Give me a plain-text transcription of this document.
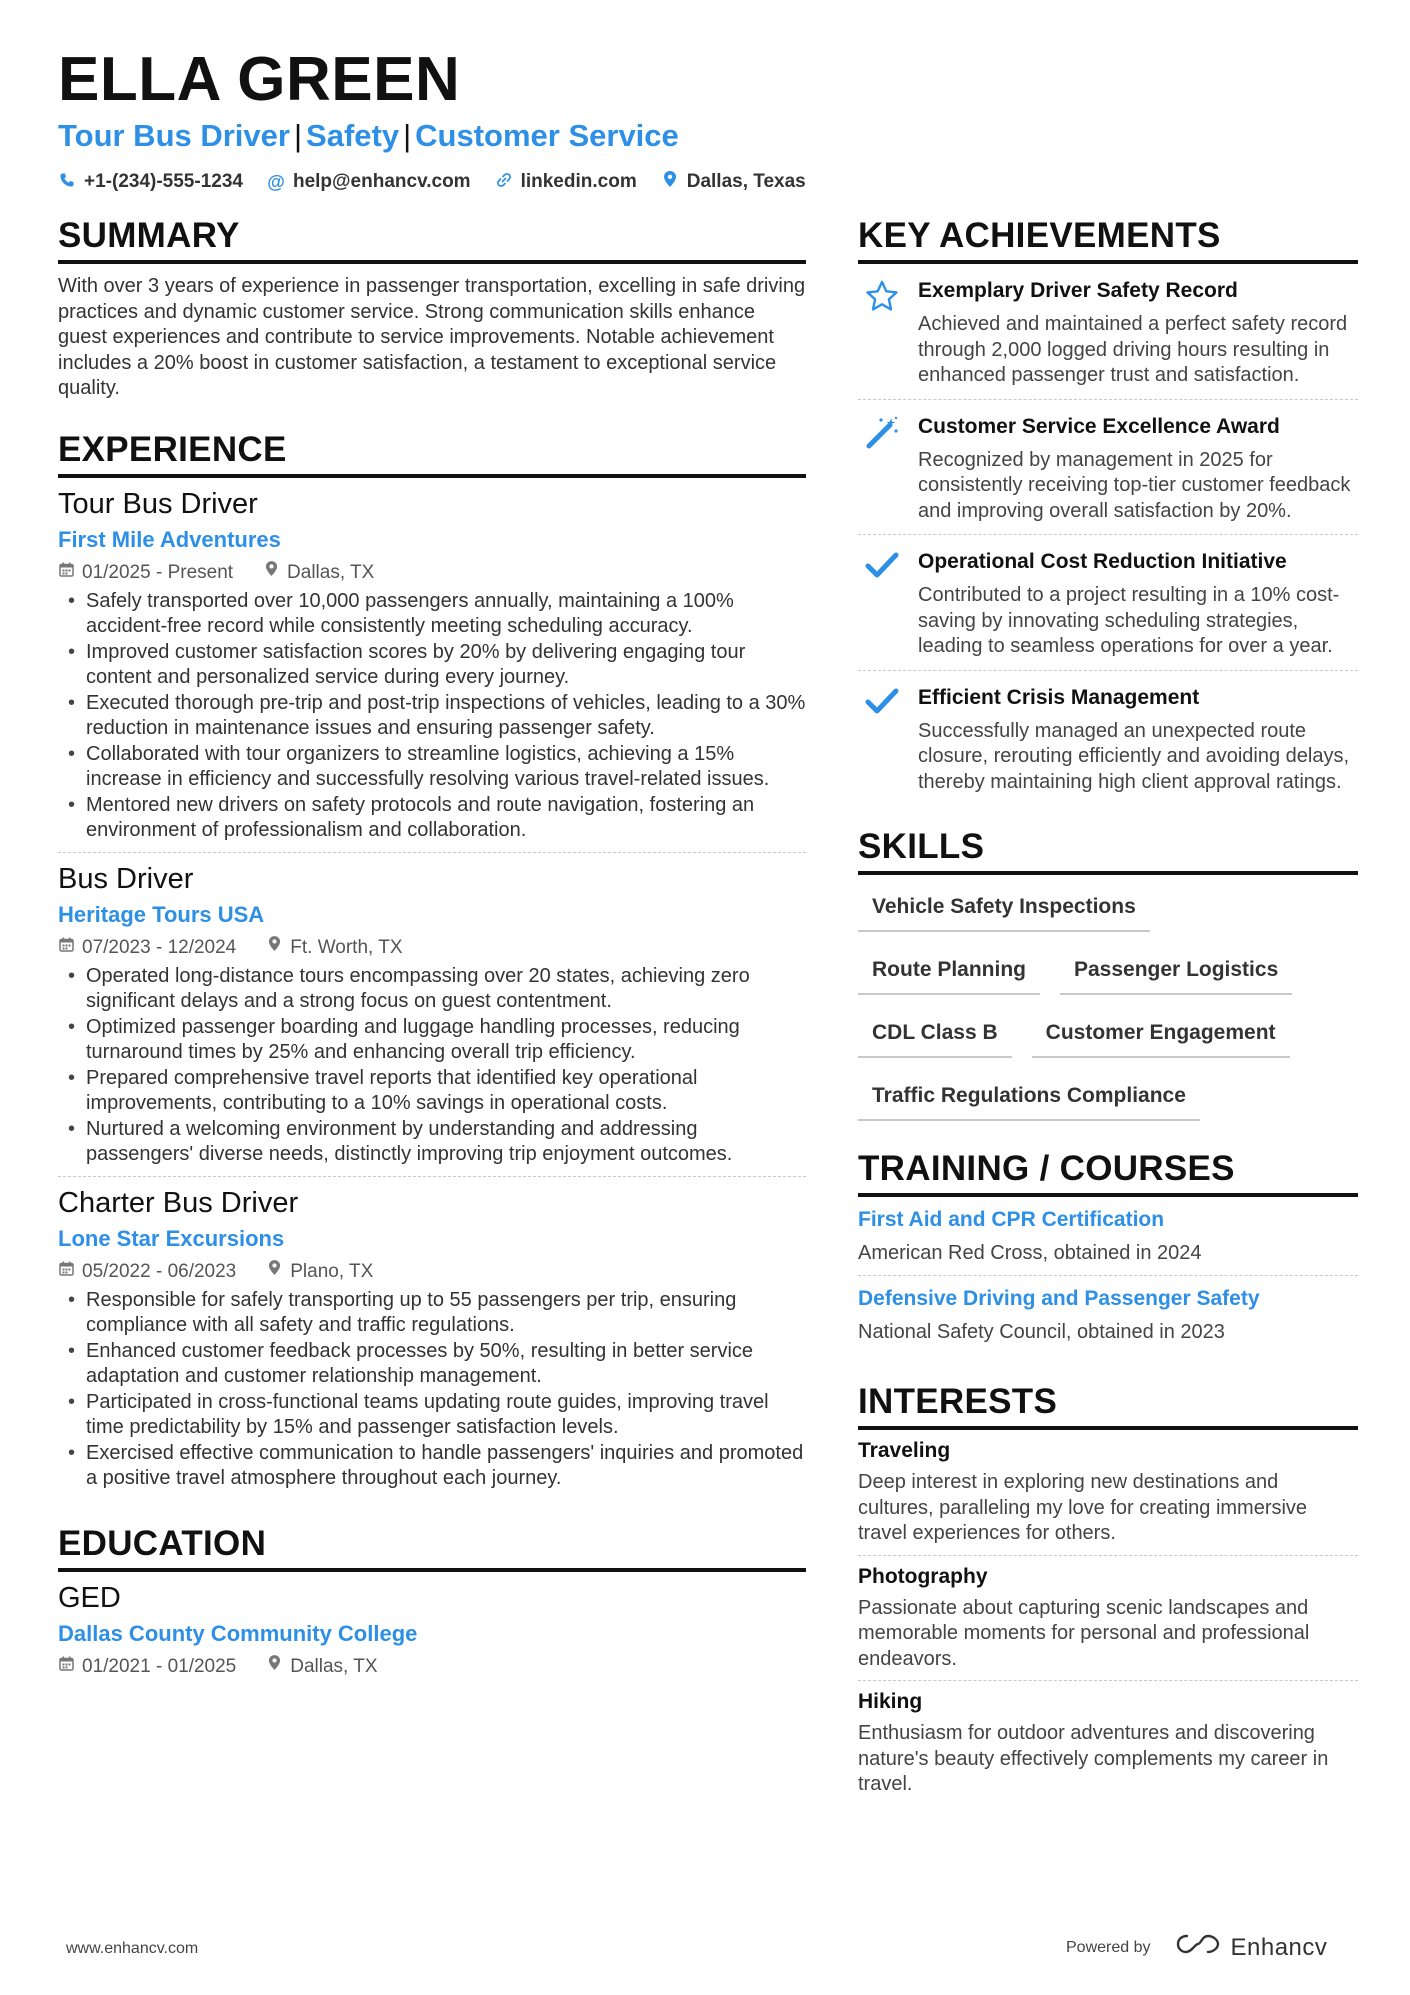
ELLA GREEN
Tour Bus Driver | Safety | Customer Service
+1-(234)-555-1234 @ help@enhancv.com	linkedin.com	Dallas, Texas
SUMMARY
With over 3 years of experience in passenger transportation, excelling in safe driving practices and dynamic customer service. Strong communication skills enhance guest experiences and contribute to service improvements. Notable achievement includes a 20% boost in customer satisfaction, a testament to exceptional service quality.
EXPERIENCE
Tour Bus Driver
First Mile Adventures
01/2025 - Present	Dallas, TX
• Safely transported over 10,000 passengers annually, maintaining a 100% accident-free record while consistently meeting scheduling accuracy.
• Improved customer satisfaction scores by 20% by delivering engaging tour content and personalized service during every journey.
• Executed thorough pre-trip and post-trip inspections of vehicles, leading to a 30% reduction in maintenance issues and ensuring passenger safety.
• Collaborated with tour organizers to streamline logistics, achieving a 15% increase in efficiency and successfully resolving various travel-related issues.
• Mentored new drivers on safety protocols and route navigation, fostering an environment of professionalism and collaboration.
Bus Driver
Heritage Tours USA
07/2023 - 12/2024	Ft. Worth, TX
• Operated long-distance tours encompassing over 20 states, achieving zero significant delays and a strong focus on guest contentment.
• Optimized passenger boarding and luggage handling processes, reducing turnaround times by 25% and enhancing overall trip efficiency.
• Prepared comprehensive travel reports that identified key operational improvements, contributing to a 10% savings in operational costs.
• Nurtured a welcoming environment by understanding and addressing passengers' diverse needs, distinctly improving trip enjoyment outcomes.
Charter Bus Driver
Lone Star Excursions
05/2022 - 06/2023	Plano, TX
• Responsible for safely transporting up to 55 passengers per trip, ensuring compliance with all safety and traffic regulations.
• Enhanced customer feedback processes by 50%, resulting in better service adaptation and customer relationship management.
• Participated in cross-functional teams updating route guides, improving travel time predictability by 15% and passenger satisfaction levels.
• Exercised effective communication to handle passengers' inquiries and promoted a positive travel atmosphere throughout each journey.
EDUCATION
GED
Dallas County Community College
01/2021 - 01/2025	Dallas, TX
KEY ACHIEVEMENTS
Exemplary Driver Safety Record
Achieved and maintained a perfect safety record through 2,000 logged driving hours resulting in enhanced passenger trust and satisfaction.
Customer Service Excellence Award
Recognized by management in 2025 for consistently receiving top-tier customer feedback and improving overall satisfaction by 20%.
Operational Cost Reduction Initiative
Contributed to a project resulting in a 10% cost-saving by innovating scheduling strategies, leading to seamless operations for over a year.
Efficient Crisis Management
Successfully managed an unexpected route closure, rerouting efficiently and avoiding delays, thereby maintaining high client approval ratings.
SKILLS
Vehicle Safety Inspections
Route Planning	Passenger Logistics
CDL Class B	Customer Engagement
Traffic Regulations Compliance
TRAINING / COURSES
First Aid and CPR Certification
American Red Cross, obtained in 2024
Defensive Driving and Passenger Safety
National Safety Council, obtained in 2023
INTERESTS
Traveling
Deep interest in exploring new destinations and cultures, paralleling my love for creating immersive travel experiences for others.
Photography
Passionate about capturing scenic landscapes and memorable moments for personal and professional endeavors.
Hiking
Enthusiasm for outdoor adventures and discovering nature's beauty effectively complements my career in travel.
www.enhancv.com	Powered by	Enhancv
